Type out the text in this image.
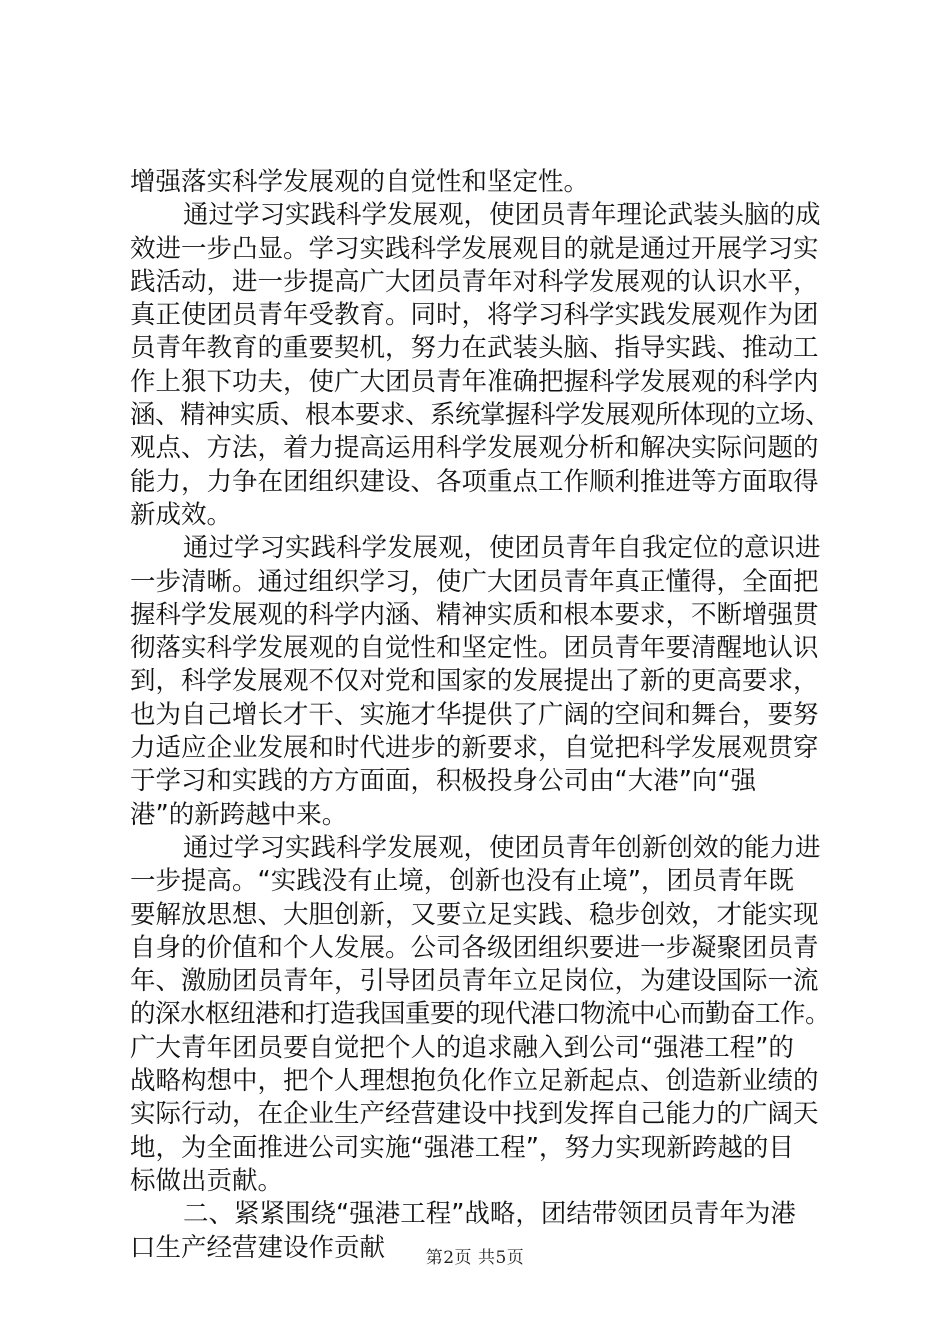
增强落实科学发展观的自觉性和坚定性。
通过学习实践科学发展观，使团员青年理论武装头脑的成
效进一步凸显。学习实践科学发展观目的就是通过开展学习实
践活动，进一步提高广大团员青年对科学发展观的认识水平，
真正使团员青年受教育。同时，将学习科学实践发展观作为团
员青年教育的重要契机，努力在武装头脑、指导实践、推动工
作上狠下功夫，使广大团员青年准确把握科学发展观的科学内
涵、精神实质、根本要求、系统掌握科学发展观所体现的立场、
观点、方法，着力提高运用科学发展观分析和解决实际问题的
能力，力争在团组织建设、各项重点工作顺利推进等方面取得
新成效。
通过学习实践科学发展观，使团员青年自我定位的意识进
一步清晰。通过组织学习，使广大团员青年真正懂得，全面把
握科学发展观的科学内涵、精神实质和根本要求，不断增强贯
彻落实科学发展观的自觉性和坚定性。团员青年要清醒地认识
到，科学发展观不仅对党和国家的发展提出了新的更高要求，
也为自己增长才干、实施才华提供了广阔的空间和舞台，要努
力适应企业发展和时代进步的新要求，自觉把科学发展观贯穿
于学习和实践的方方面面，积极投身公司由“大港”向“强
港”的新跨越中来。
通过学习实践科学发展观，使团员青年创新创效的能力进
一步提高。“实践没有止境，创新也没有止境”，团员青年既
要解放思想、大胆创新，又要立足实践、稳步创效，才能实现
自身的价值和个人发展。公司各级团组织要进一步凝聚团员青
年、激励团员青年，引导团员青年立足岗位，为建设国际一流
的深水枢纽港和打造我国重要的现代港口物流中心而勤奋工作。
广大青年团员要自觉把个人的追求融入到公司“强港工程”的
战略构想中，把个人理想抱负化作立足新起点、创造新业绩的
实际行动，在企业生产经营建设中找到发挥自己能力的广阔天
地，为全面推进公司实施“强港工程”，努力实现新跨越的目
标做出贡献。
二、紧紧围绕“强港工程”战略，团结带领团员青年为港
口生产经营建设作贡献	第2页 共5页
